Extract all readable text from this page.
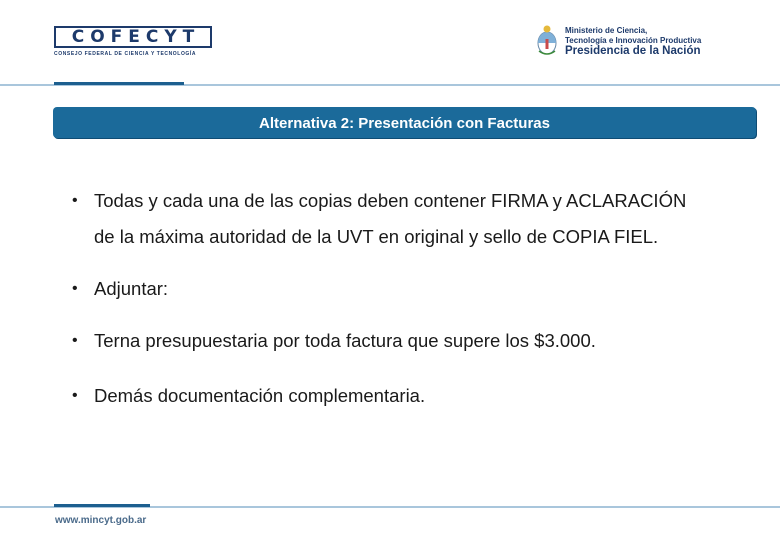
COFECYT
CONSEJO FEDERAL DE CIENCIA Y TECNOLOGÍA
Ministerio de Ciencia,
Tecnología e Innovación Productiva
Presidencia de la Nación
Alternativa 2: Presentación con Facturas
• Todas y cada una de las copias deben contener FIRMA y ACLARACIÓN
de la máxima autoridad de la UVT en original y sello de COPIA FIEL.
• Adjuntar:
• Terna presupuestaria por toda factura que supere los $3.000.
• Demás documentación complementaria.
www.mincyt.gob.ar
